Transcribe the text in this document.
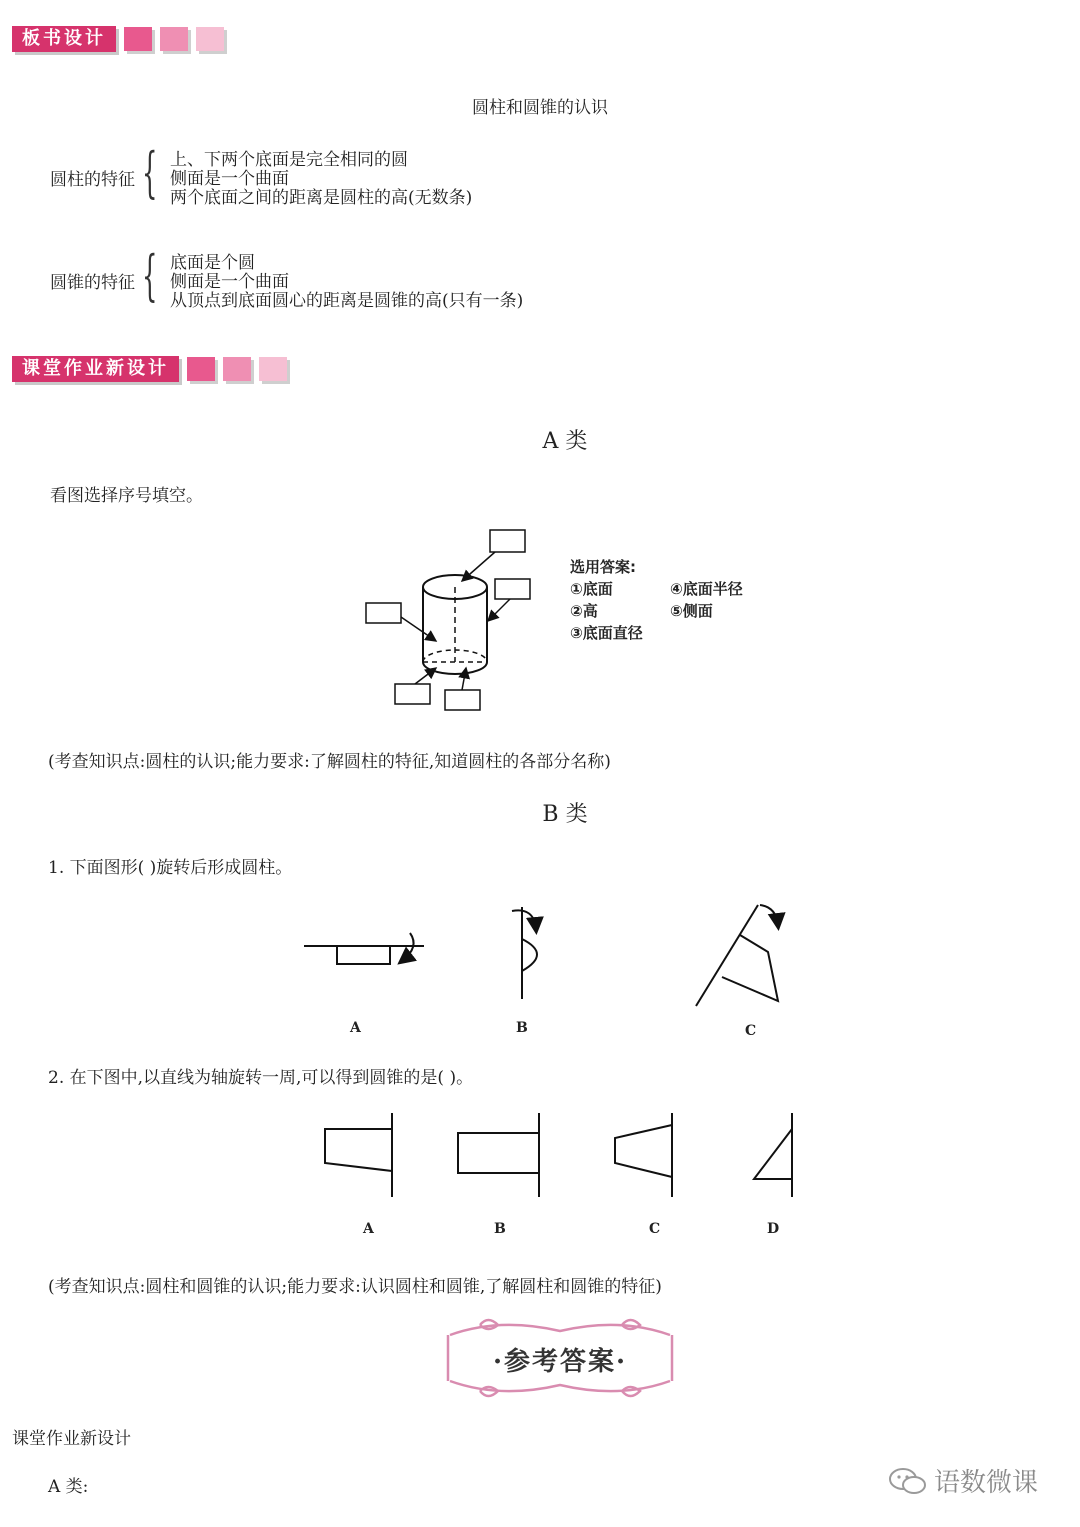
板书设计
圆柱和圆锥的认识
圆柱的特征 { 上、下两个底面是完全相同的圆
侧面是一个曲面
两个底面之间的距离是圆柱的高(无数条)
圆锥的特征 { 底面是个圆
侧面是一个曲面
从顶点到底面圆心的距离是圆锥的高(只有一条)
课堂作业新设计
A 类
看图选择序号填空。
选用答案:
①底面	④底面半径
②高	⑤侧面
③底面直径
(考查知识点:圆柱的认识;能力要求:了解圆柱的特征,知道圆柱的各部分名称)
B 类
1. 下面图形( )旋转后形成圆柱。
A	B	C
2. 在下图中,以直线为轴旋转一周,可以得到圆锥的是( )。
A	B	C	D
(考查知识点:圆柱和圆锥的认识;能力要求:认识圆柱和圆锥,了解圆柱和圆锥的特征)
·参考答案·
课堂作业新设计
A 类:	语数微课
